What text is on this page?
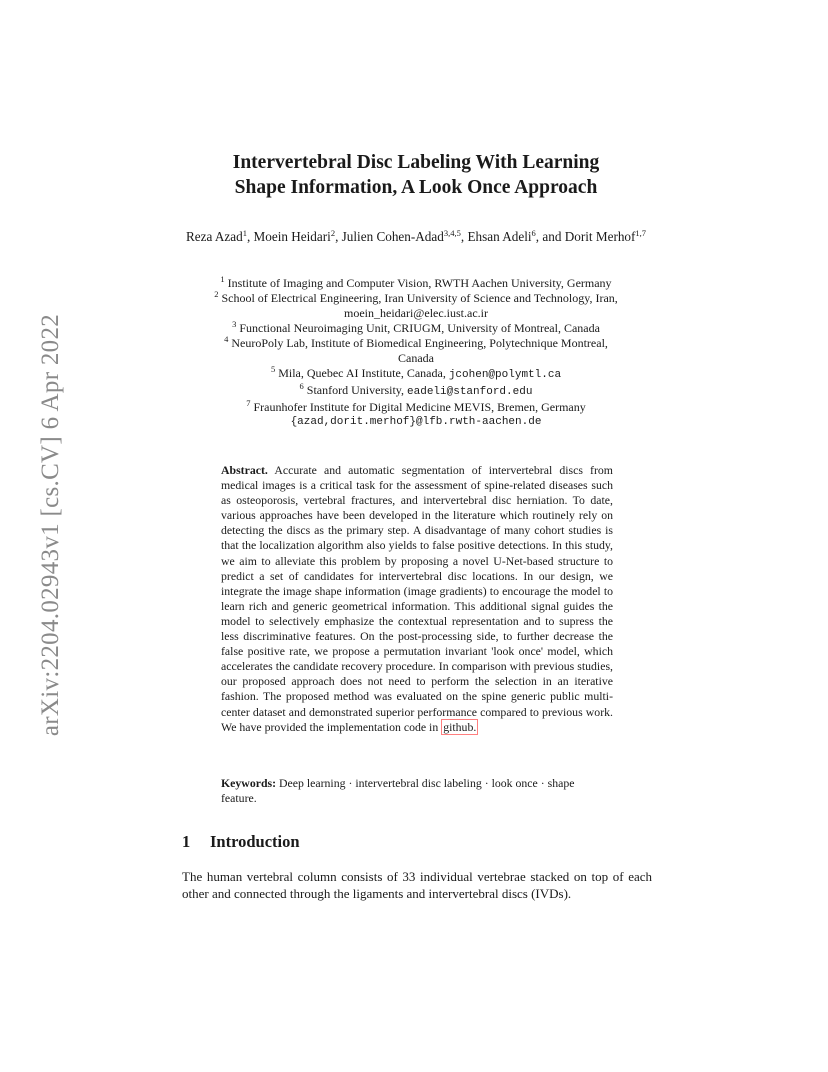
arXiv:2204.02943v1 [cs.CV] 6 Apr 2022
Intervertebral Disc Labeling With Learning
Shape Information, A Look Once Approach
Reza Azad$^1$, Moein Heidari$^2$, Julien Cohen-Adad$^{3,4,5}$, Ehsan Adeli$^6$, and Dorit Merhof$^{1,7}$
$^1$ Institute of Imaging and Computer Vision, RWTH Aachen University, Germany
$^2$ School of Electrical Engineering, Iran University of Science and Technology, Iran,
moein_heidari@elec.iust.ac.ir
$^3$ Functional Neuroimaging Unit, CRIUGM, University of Montreal, Canada
$^4$ NeuroPoly Lab, Institute of Biomedical Engineering, Polytechnique Montreal,
Canada
$^5$ Mila, Quebec AI Institute, Canada, jcohen@polymtl.ca
$^6$ Stanford University, eadeli@stanford.edu
$^7$ Fraunhofer Institute for Digital Medicine MEVIS, Bremen, Germany
{azad,dorit.merhof}@lfb.rwth-aachen.de
Abstract. Accurate and automatic segmentation of intervertebral discs from medical images is a critical task for the assessment of spine-related diseases such as osteoporosis, vertebral fractures, and intervertebral disc herniation. To date, various approaches have been developed in the literature which routinely rely on detecting the discs as the primary step. A disadvantage of many cohort studies is that the localization algorithm also yields to false positive detections. In this study, we aim to alleviate this problem by proposing a novel U-Net-based structure to predict a set of candidates for intervertebral disc locations. In our design, we integrate the image shape information (image gradients) to encourage the model to learn rich and generic geometrical information. This additional signal guides the model to selectively emphasize the contextual representation and to supress the less discriminative features. On the post-processing side, to further decrease the false positive rate, we propose a permutation invariant 'look once' model, which accelerates the candidate recovery procedure. In comparison with previous studies, our proposed approach does not need to perform the selection in an iterative fashion. The proposed method was evaluated on the spine generic public multi-center dataset and demonstrated superior performance compared to previous work. We have provided the implementation code in github.
Keywords: Deep learning · intervertebral disc labeling · look once · shape feature.
1 Introduction
The human vertebral column consists of 33 individual vertebrae stacked on top of each other and connected through the ligaments and intervertebral discs (IVDs).
